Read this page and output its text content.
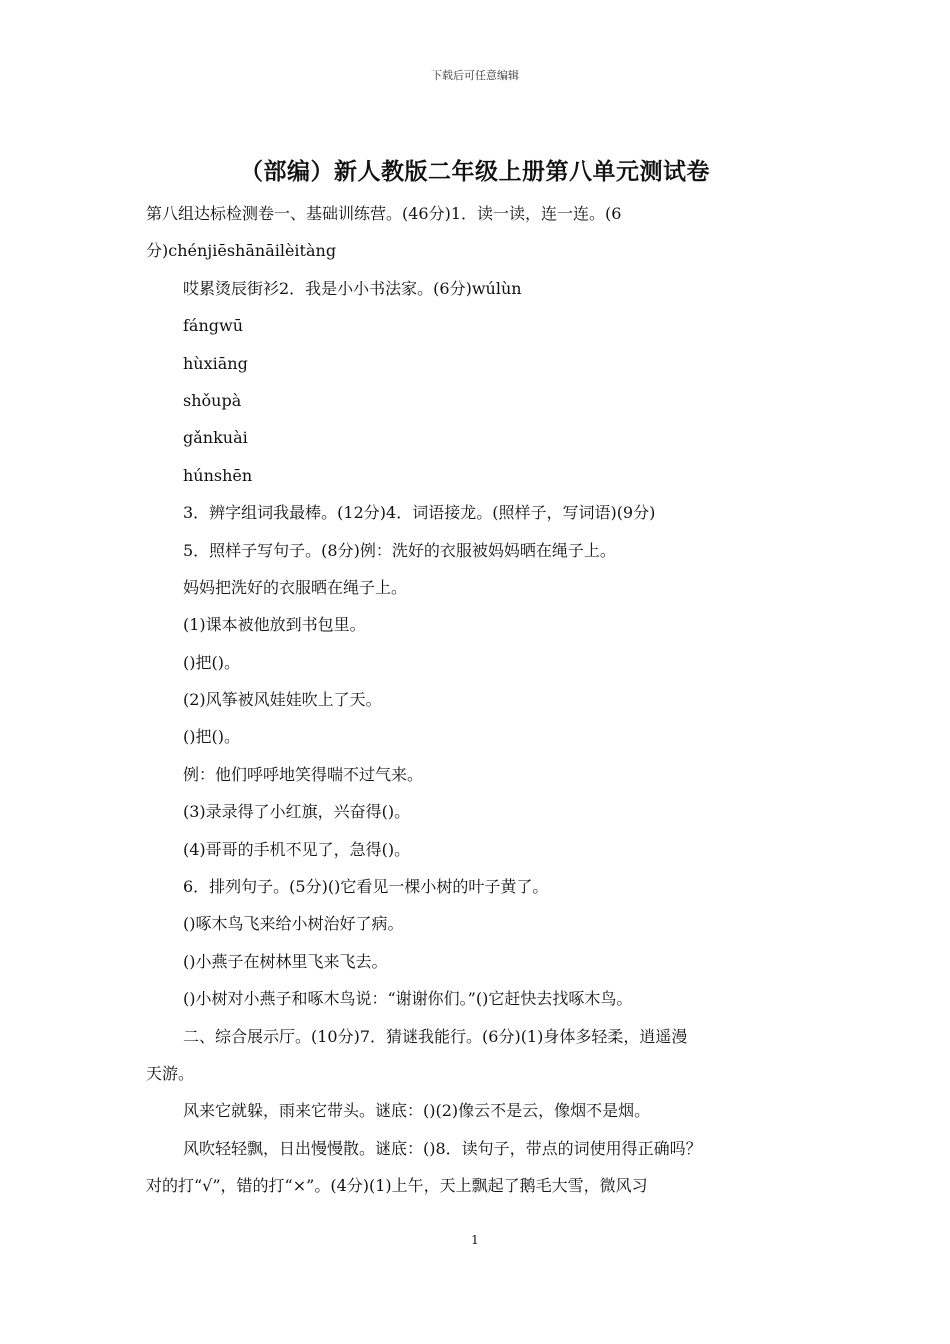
下载后可任意编辑
（部编）新人教版二年级上册第八单元测试卷
第八组达标检测卷一、基础训练营。(46分)1．读一读，连一连。(6
分)chénjiēshānāilèitàng
哎累烫辰街衫2．我是小小书法家。(6分)wúlùn
fángwū
hùxiāng
shǒupà
gǎnkuài
húnshēn
3．辨字组词我最棒。(12分)4．词语接龙。(照样子，写词语)(9分)
5．照样子写句子。(8分)例：洗好的衣服被妈妈晒在绳子上。
妈妈把洗好的衣服晒在绳子上。
(1)课本被他放到书包里。
()把()。
(2)风筝被风娃娃吹上了天。
()把()。
例：他们呼呼地笑得喘不过气来。
(3)录录得了小红旗，兴奋得()。
(4)哥哥的手机不见了，急得()。
6．排列句子。(5分)()它看见一棵小树的叶子黄了。
()啄木鸟飞来给小树治好了病。
()小燕子在树林里飞来飞去。
()小树对小燕子和啄木鸟说：“谢谢你们。”()它赶快去找啄木鸟。
二、综合展示厅。(10分)7．猜谜我能行。(6分)(1)身体多轻柔，逍遥漫
天游。
风来它就躲，雨来它带头。谜底：()(2)像云不是云，像烟不是烟。
风吹轻轻飘，日出慢慢散。谜底：()8．读句子，带点的词使用得正确吗？
对的打“√”，错的打“×”。(4分)(1)上午，天上飘起了鹅毛大雪，微风习
1
